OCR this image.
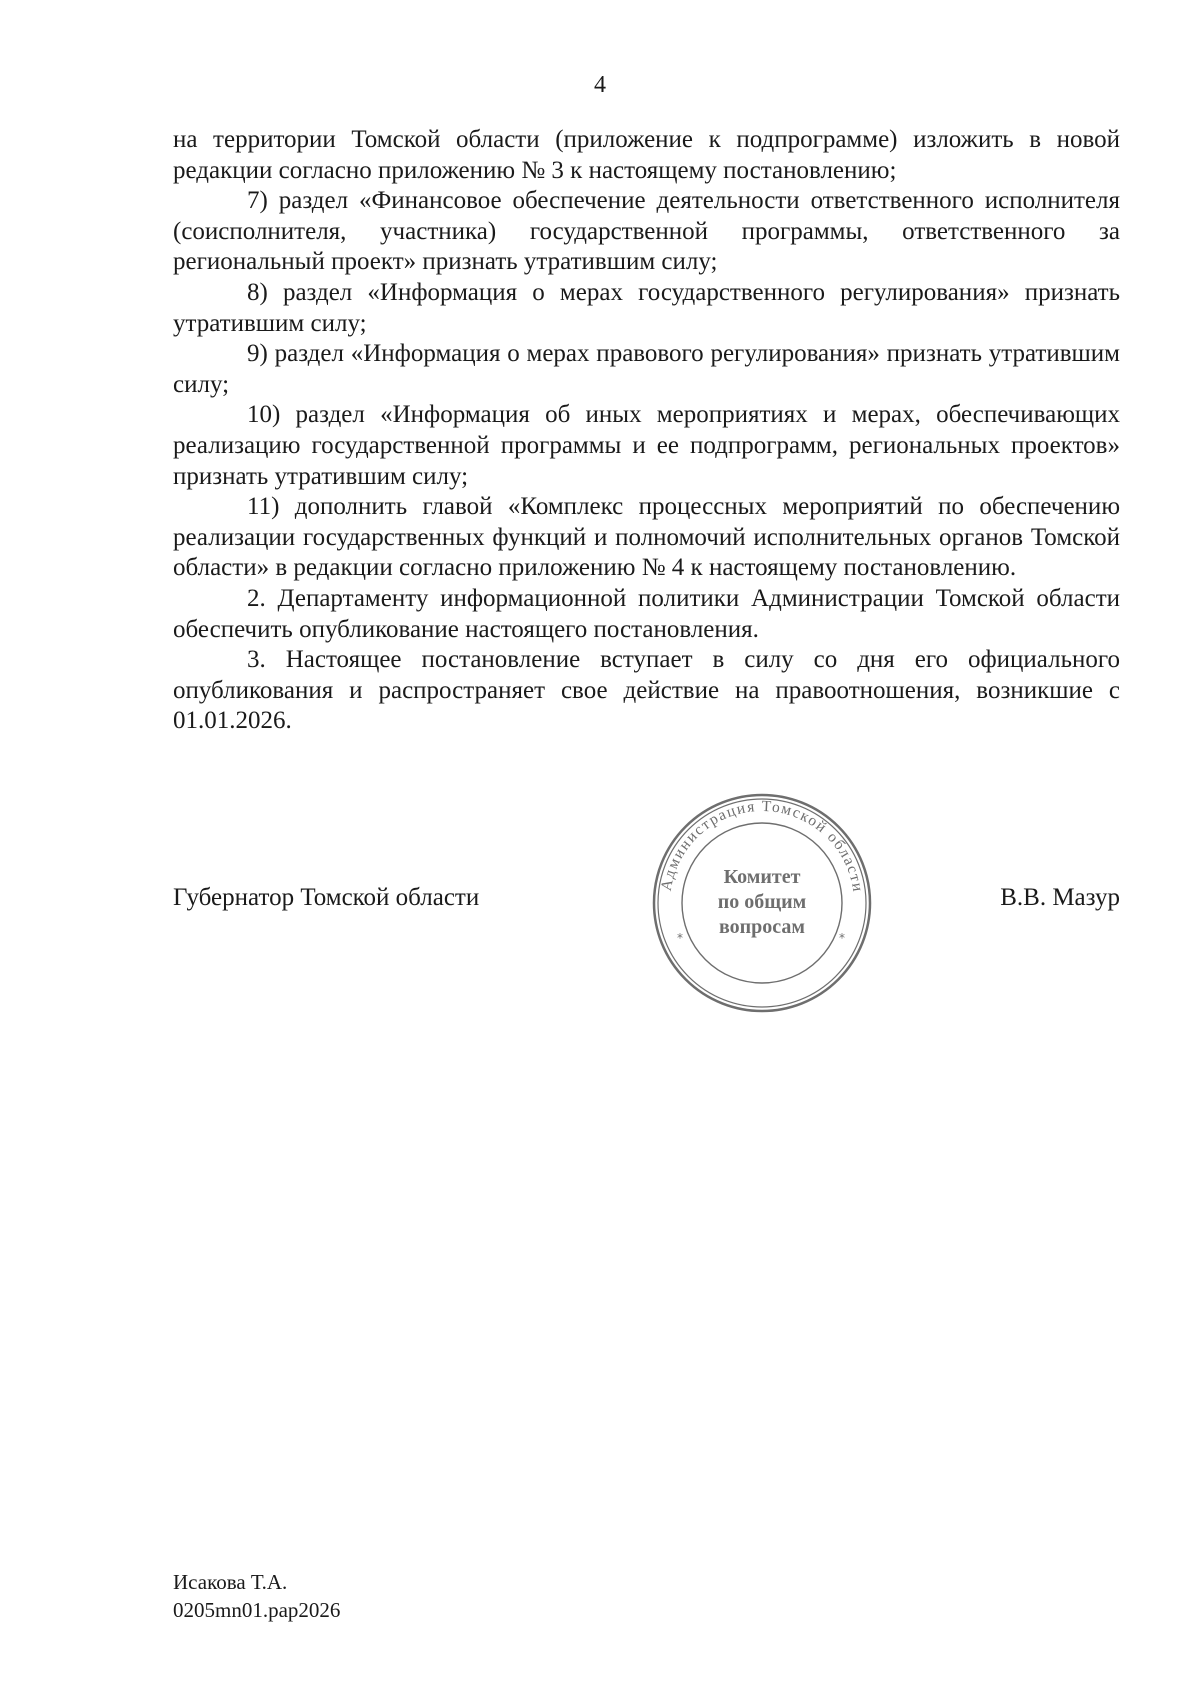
4

на территории Томской области (приложение к подпрограмме) изложить в новой редакции согласно приложению № 3 к настоящему постановлению;

7) раздел «Финансовое обеспечение деятельности ответственного исполнителя (соисполнителя, участника) государственной программы, ответственного за региональный проект» признать утратившим силу;

8) раздел «Информация о мерах государственного регулирования» признать утратившим силу;

9) раздел «Информация о мерах правового регулирования» признать утратившим силу;

10) раздел «Информация об иных мероприятиях и мерах, обеспечивающих реализацию государственной программы и ее подпрограмм, региональных проектов» признать утратившим силу;

11) дополнить главой «Комплекс процессных мероприятий по обеспечению реализации государственных функций и полномочий исполнительных органов Томской области» в редакции согласно приложению № 4 к настоящему постановлению.

2. Департаменту информационной политики Администрации Томской области обеспечить опубликование настоящего постановления.

3. Настоящее постановление вступает в силу со дня его официального опубликования и распространяет свое действие на правоотношения, возникшие с 01.01.2026.

Губернатор Томской области	В.В. Мазур
Администрация Томской области
*	*
Комитет
по общим
вопросам
Исакова Т.А.
0205mn01.pap2026
